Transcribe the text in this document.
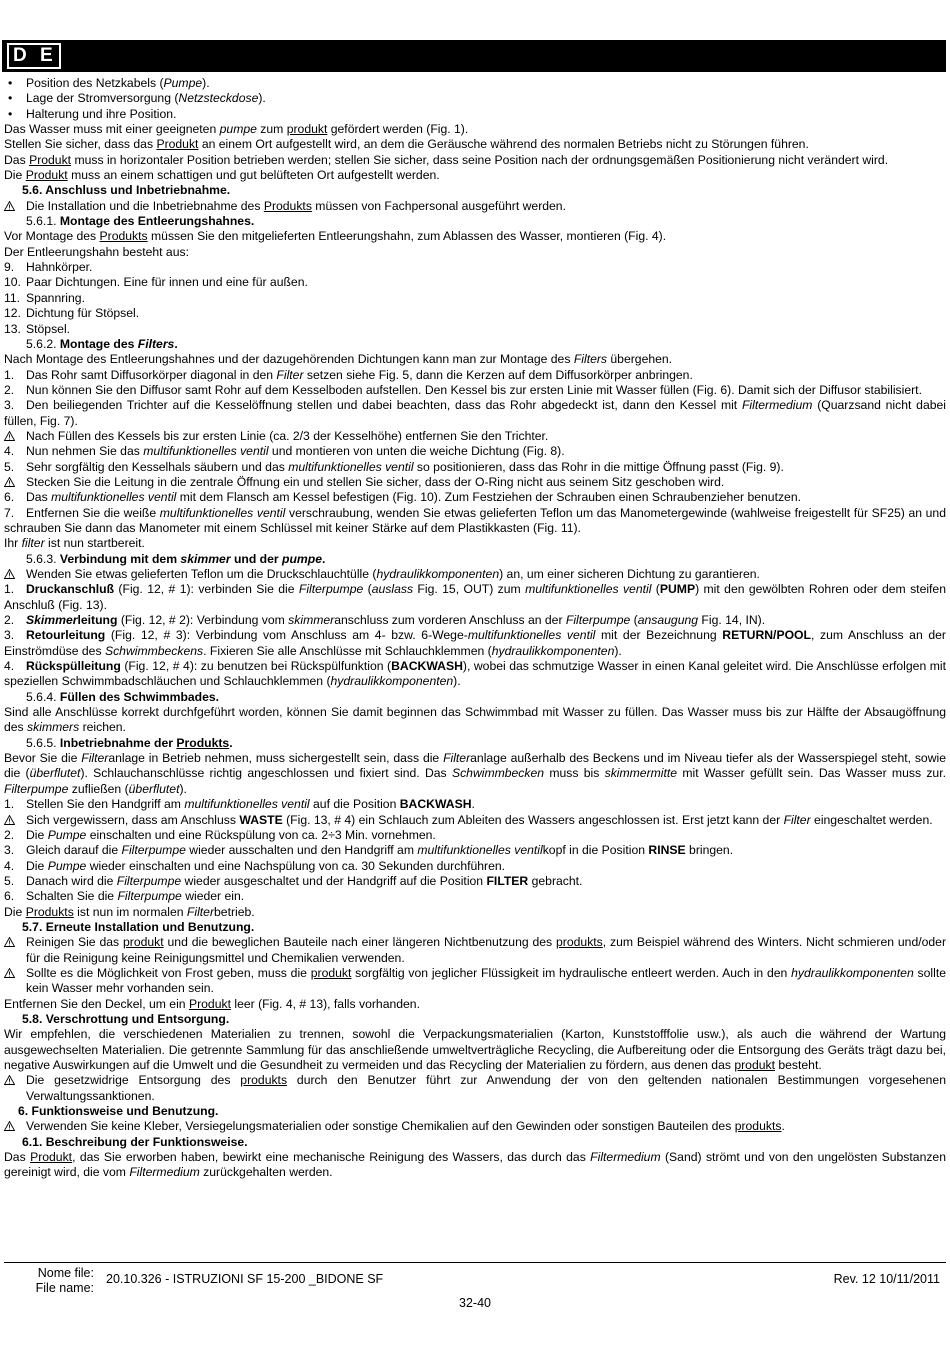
D E
•	Position des Netzkabels (Pumpe).
•	Lage der Stromversorgung (Netzsteckdose).
•	Halterung und ihre Position.

Das Wasser muss mit einer geeigneten pumpe zum produkt gefördert werden (Fig. 1).

Stellen Sie sicher, dass das Produkt an einem Ort aufgestellt wird, an dem die Geräusche während des normalen Betriebs nicht zu Störungen führen.

Das Produkt muss in horizontaler Position betrieben werden; stellen Sie sicher, dass seine Position nach der ordnungsgemäßen Positionierung nicht verändert wird.

Die Produkt muss an einem schattigen und gut belüfteten Ort aufgestellt werden.

5.6. Anschluss und Inbetriebnahme.

Die Installation und die Inbetriebnahme des Produkts müssen von Fachpersonal ausgeführt werden.

5.6.1. Montage des Entleerungshahnes.

Vor Montage des Produkts müssen Sie den mitgelieferten Entleerungshahn, zum Ablassen des Wasser, montieren (Fig. 4).

Der Entleerungshahn besteht aus:

9. Hahnkörper.
10. Paar Dichtungen. Eine für innen und eine für außen.
11. Spannring.
12. Dichtung für Stöpsel.
13. Stöpsel.

5.6.2. Montage des Filters.

Nach Montage des Entleerungshahnes und der dazugehörenden Dichtungen kann man zur Montage des Filters übergehen.

1. Das Rohr samt Diffusorkörper diagonal in den Filter setzen siehe Fig. 5, dann die Kerzen auf dem Diffusorkörper anbringen.

2. Nun können Sie den Diffusor samt Rohr auf dem Kesselboden aufstellen. Den Kessel bis zur ersten Linie mit Wasser füllen (Fig. 6). Damit sich der Diffusor stabilisiert.

3. Den beiliegenden Trichter auf die Kesselöffnung stellen und dabei beachten, dass das Rohr abgedeckt ist, dann den Kessel mit Filtermedium (Quarzsand nicht dabei füllen, Fig. 7).

Nach Füllen des Kessels bis zur ersten Linie (ca. 2/3 der Kesselhöhe) entfernen Sie den Trichter.
4. Nun nehmen Sie das multifunktionelles ventil und montieren von unten die weiche Dichtung (Fig. 8).
5. Sehr sorgfältig den Kesselhals säubern und das multifunktionelles ventil so positionieren, dass das Rohr in die mittige Öffnung passt (Fig. 9).
Stecken Sie die Leitung in die zentrale Öffnung ein und stellen Sie sicher, dass der O-Ring nicht aus seinem Sitz geschoben wird.
6. Das multifunktionelles ventil mit dem Flansch am Kessel befestigen (Fig. 10). Zum Festziehen der Schrauben einen Schraubenzieher benutzen.

7. Entfernen Sie die weiße multifunktionelles ventil verschraubung, wenden Sie etwas gelieferten Teflon um das Manometergewinde (wahlweise freigestellt für SF25) an und schrauben Sie dann das Manometer mit einem Schlüssel mit keiner Stärke auf dem Plastikkasten (Fig. 11).

Ihr filter ist nun startbereit.

5.6.3. Verbindung mit dem skimmer und der pumpe.

Wenden Sie etwas gelieferten Teflon um die Druckschlauchtülle (hydraulikkomponenten) an, um einer sicheren Dichtung zu garantieren.

1. Druckanschluß (Fig. 12, # 1): verbinden Sie die Filterpumpe (auslass Fig. 15, OUT) zum multifunktionelles ventil (PUMP) mit den gewölbten Rohren oder dem steifen Anschluß (Fig. 13).

2. Skimmerleitung (Fig. 12, # 2): Verbindung vom skimmeranschluss zum vorderen Anschluss an der Filterpumpe (ansaugung Fig. 14, IN).

3. Retourleitung (Fig. 12, # 3): Verbindung vom Anschluss am 4- bzw. 6-Wege-multifunktionelles ventil mit der Bezeichnung RETURN/POOL, zum Anschluss an der Einströmdüse des Schwimmbeckens. Fixieren Sie alle Anschlüsse mit Schlauchklemmen (hydraulikkomponenten).

4. Rückspülleitung (Fig. 12, # 4): zu benutzen bei Rückspülfunktion (BACKWASH), wobei das schmutzige Wasser in einen Kanal geleitet wird. Die Anschlüsse erfolgen mit speziellen Schwimmbadschläuchen und Schlauchklemmen (hydraulikkomponenten).

5.6.4. Füllen des Schwimmbades.

Sind alle Anschlüsse korrekt durchfgeführt worden, können Sie damit beginnen das Schwimmbad mit Wasser zu füllen. Das Wasser muss bis zur Hälfte der Absaugöffnung des skimmers reichen.

5.6.5. Inbetriebnahme der Produkts.

Bevor Sie die Filteranlage in Betrieb nehmen, muss sichergestellt sein, dass die Filteranlage außerhalb des Beckens und im Niveau tiefer als der Wasserspiegel steht, sowie die (überflutet). Schlauchanschlüsse richtig angeschlossen und fixiert sind. Das Schwimmbecken muss bis skimmermitte mit Wasser gefüllt sein. Das Wasser muss zur. Filterpumpe zufließen (überflutet).

1. Stellen Sie den Handgriff am multifunktionelles ventil auf die Position BACKWASH.
Sich vergewissern, dass am Anschluss WASTE (Fig. 13, # 4) ein Schlauch zum Ableiten des Wassers angeschlossen ist. Erst jetzt kann der Filter eingeschaltet werden.
2. Die Pumpe einschalten und eine Rückspülung von ca. 2÷3 Min. vornehmen.
3. Gleich darauf die Filterpumpe wieder ausschalten und den Handgriff am multifunktionelles ventilkopf in die Position RINSE bringen.
4. Die Pumpe wieder einschalten und eine Nachspülung von ca. 30 Sekunden durchführen.
5. Danach wird die Filterpumpe wieder ausgeschaltet und der Handgriff auf die Position FILTER gebracht.
6. Schalten Sie die Filterpumpe wieder ein.

Die Produkts ist nun im normalen Filterbetrieb.

5.7. Erneute Installation und Benutzung.

Reinigen Sie das produkt und die beweglichen Bauteile nach einer längeren Nichtbenutzung des produkts, zum Beispiel während des Winters. Nicht schmieren und/oder für die Reinigung keine Reinigungsmittel und Chemikalien verwenden.
Sollte es die Möglichkeit von Frost geben, muss die produkt sorgfältig von jeglicher Flüssigkeit im hydraulische entleert werden. Auch in den hydraulikkomponenten sollte kein Wasser mehr vorhanden sein.

Entfernen Sie den Deckel, um ein Produkt leer (Fig. 4, # 13), falls vorhanden.

5.8. Verschrottung und Entsorgung.

Wir empfehlen, die verschiedenen Materialien zu trennen, sowohl die Verpackungsmaterialien (Karton, Kunststofffolie usw.), als auch die während der Wartung ausgewechselten Materialien. Die getrennte Sammlung für das anschließende umweltverträgliche Recycling, die Aufbereitung oder die Entsorgung des Geräts trägt dazu bei, negative Auswirkungen auf die Umwelt und die Gesundheit zu vermeiden und das Recycling der Materialien zu fördern, aus denen das produkt besteht.

Die gesetzwidrige Entsorgung des produkts durch den Benutzer führt zur Anwendung der von den geltenden nationalen Bestimmungen vorgesehenen Verwaltungssanktionen.

6. Funktionsweise und Benutzung.

Verwenden Sie keine Kleber, Versiegelungsmaterialien oder sonstige Chemikalien auf den Gewinden oder sonstigen Bauteilen des produkts.

6.1. Beschreibung der Funktionsweise.

Das Produkt, das Sie erworben haben, bewirkt eine mechanische Reinigung des Wassers, das durch das Filtermedium (Sand) strömt und von den ungelösten Substanzen gereinigt wird, die vom Filtermedium zurückgehalten werden.

Nome file:
File name:
20.10.326 - ISTRUZIONI SF 15-200 _BIDONE SF	Rev. 12 10/11/2011
32-40
